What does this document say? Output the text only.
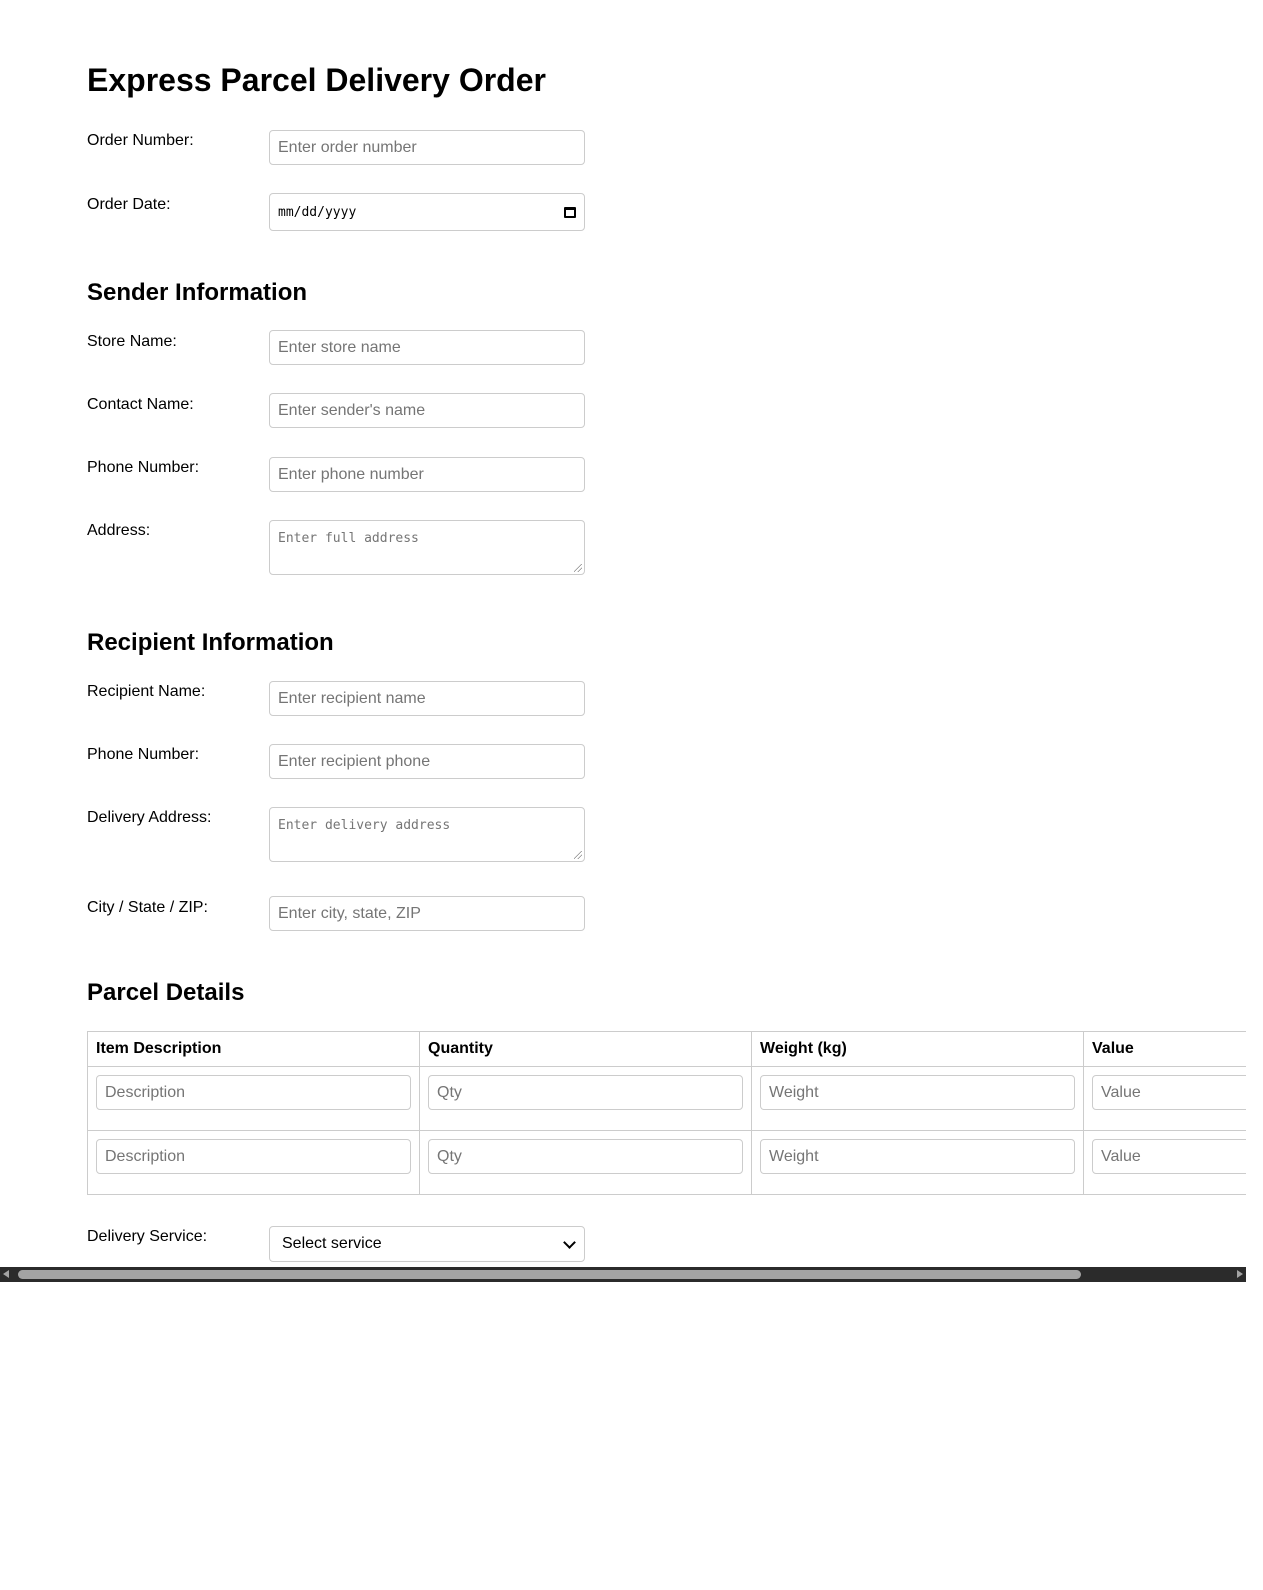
Express Parcel Delivery Order
Order Number:	Enter order number
Order Date:	mm/dd/yyyy
Sender Information
Store Name:	Enter store name
Contact Name:	Enter sender's name
Phone Number:	Enter phone number
Address:	Enter full address
Recipient Information
Recipient Name:	Enter recipient name
Phone Number:	Enter recipient phone
Delivery Address:	Enter delivery address
City / State / ZIP:	Enter city, state, ZIP
Parcel Details
Item Description	Quantity	Weight (kg)	Value

Description	Qty	Weight	Value

Description	Qty	Weight	Value
Delivery Service:	Select service
